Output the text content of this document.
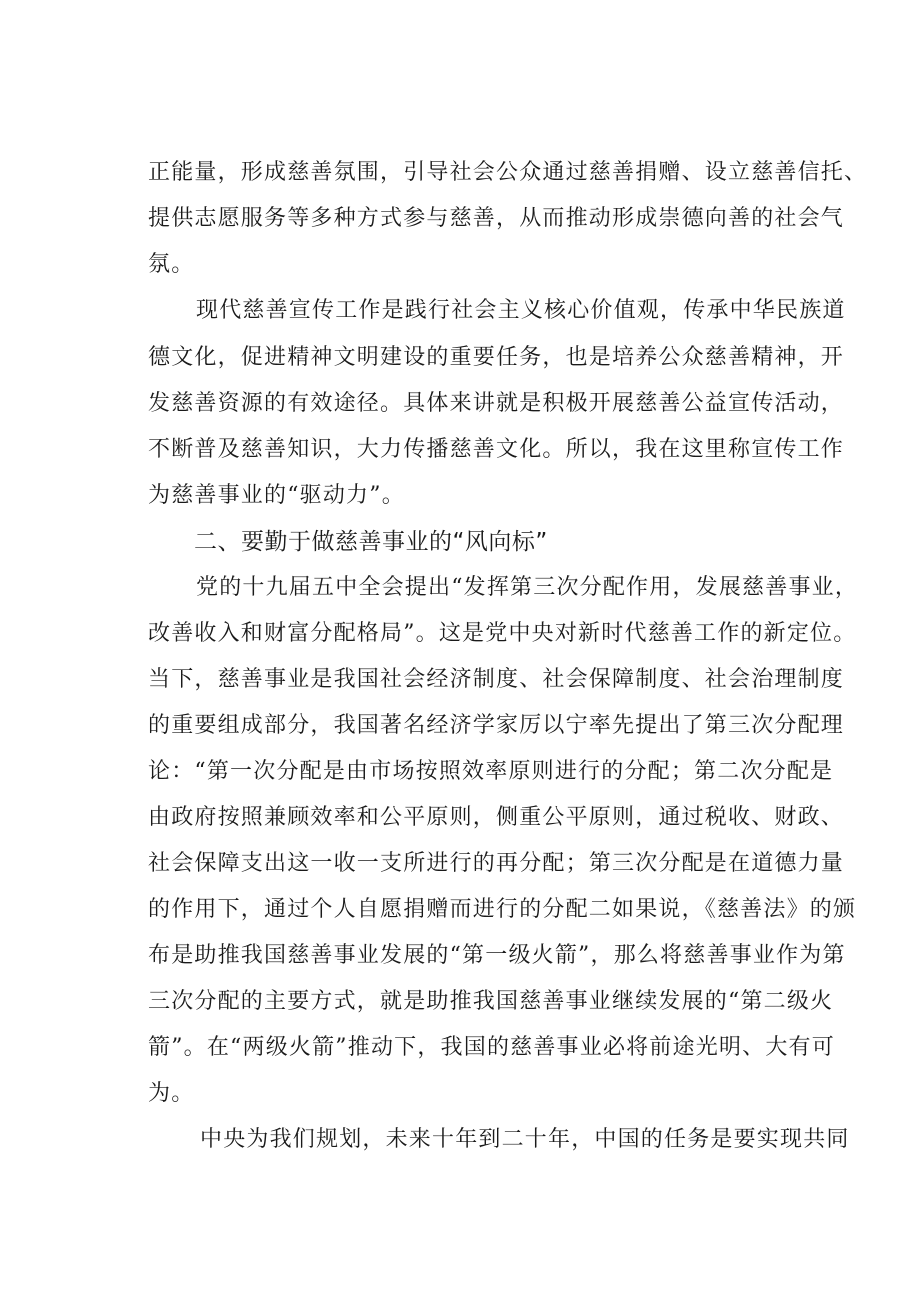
正能量，形成慈善氛围，引导社会公众通过慈善捐赠、设立慈善信托、
提供志愿服务等多种方式参与慈善，从而推动形成崇德向善的社会气
氛。
现代慈善宣传工作是践行社会主义核心价值观，传承中华民族道
德文化，促进精神文明建设的重要任务，也是培养公众慈善精神，开
发慈善资源的有效途径。具体来讲就是积极开展慈善公益宣传活动，
不断普及慈善知识，大力传播慈善文化。所以，我在这里称宣传工作
为慈善事业的“驱动力”。
二、要勤于做慈善事业的“风向标”
党的十九届五中全会提出“发挥第三次分配作用，发展慈善事业，
改善收入和财富分配格局”。这是党中央对新时代慈善工作的新定位。
当下，慈善事业是我国社会经济制度、社会保障制度、社会治理制度
的重要组成部分，我国著名经济学家厉以宁率先提出了第三次分配理
论：“第一次分配是由市场按照效率原则进行的分配；第二次分配是
由政府按照兼顾效率和公平原则，侧重公平原则，通过税收、财政、
社会保障支出这一收一支所进行的再分配；第三次分配是在道德力量
的作用下，通过个人自愿捐赠而进行的分配二如果说，《慈善法》的颁
布是助推我国慈善事业发展的“第一级火箭”，那么将慈善事业作为第
三次分配的主要方式，就是助推我国慈善事业继续发展的“第二级火
箭”。在“两级火箭”推动下，我国的慈善事业必将前途光明、大有可
为。
中央为我们规划，未来十年到二十年，中国的任务是要实现共同
